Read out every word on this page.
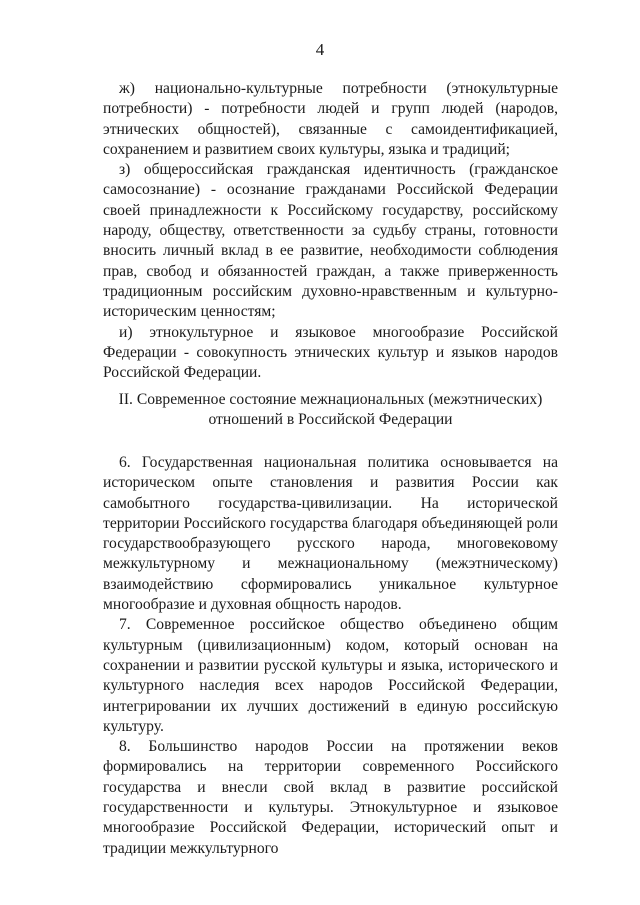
4

ж) национально-культурные потребности (этнокультурные потребности) - потребности людей и групп людей (народов, этнических общностей), связанные с самоидентификацией, сохранением и развитием своих культуры, языка и традиций;

з) общероссийская гражданская идентичность (гражданское самосознание) - осознание гражданами Российской Федерации своей принадлежности к Российскому государству, российскому народу, обществу, ответственности за судьбу страны, готовности вносить личный вклад в ее развитие, необходимости соблюдения прав, свобод и обязанностей граждан, а также приверженность традиционным российским духовно-нравственным и культурно-историческим ценностям;

и) этнокультурное и языковое многообразие Российской Федерации - совокупность этнических культур и языков народов Российской Федерации.

II. Современное состояние межнациональных (межэтнических)
отношений в Российской Федерации

6. Государственная национальная политика основывается на историческом опыте становления и развития России как самобытного государства-цивилизации. На исторической территории Российского государства благодаря объединяющей роли государствообразующего русского народа, многовековому межкультурному и межнациональному (межэтническому) взаимодействию сформировались уникальное культурное многообразие и духовная общность народов.

7. Современное российское общество объединено общим культурным (цивилизационным) кодом, который основан на сохранении и развитии русской культуры и языка, исторического и культурного наследия всех народов Российской Федерации, интегрировании их лучших достижений в единую российскую культуру.

8. Большинство народов России на протяжении веков формировались на территории современного Российского государства и внесли свой вклад в развитие российской государственности и культуры. Этнокультурное и языковое многообразие Российской Федерации, исторический опыт и традиции межкультурного
